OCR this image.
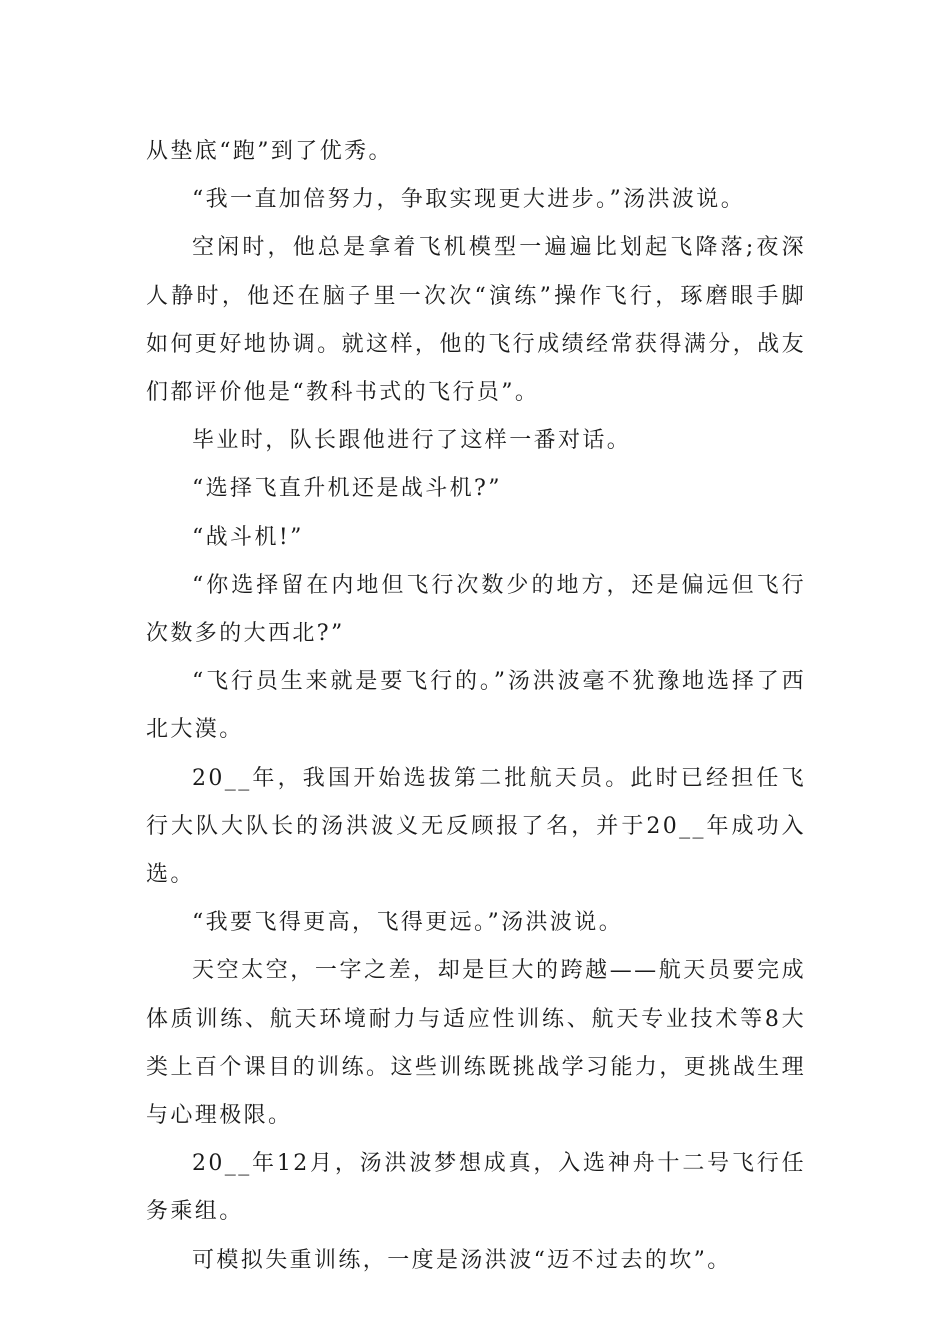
从垫底“跑”到了优秀。

“我一直加倍努力，争取实现更大进步。”汤洪波说。

空闲时，他总是拿着飞机模型一遍遍比划起飞降落;夜深人静时，他还在脑子里一次次“演练”操作飞行，琢磨眼手脚如何更好地协调。就这样，他的飞行成绩经常获得满分，战友们都评价他是“教科书式的飞行员”。

毕业时，队长跟他进行了这样一番对话。

“选择飞直升机还是战斗机?”

“战斗机!”

“你选择留在内地但飞行次数少的地方，还是偏远但飞行次数多的大西北?”

“飞行员生来就是要飞行的。”汤洪波毫不犹豫地选择了西北大漠。

20__年，我国开始选拔第二批航天员。此时已经担任飞行大队大队长的汤洪波义无反顾报了名，并于20__年成功入选。

“我要飞得更高，飞得更远。”汤洪波说。

天空太空，一字之差，却是巨大的跨越——航天员要完成体质训练、航天环境耐力与适应性训练、航天专业技术等8大类上百个课目的训练。这些训练既挑战学习能力，更挑战生理与心理极限。

20__年12月，汤洪波梦想成真，入选神舟十二号飞行任务乘组。

可模拟失重训练，一度是汤洪波“迈不过去的坎”。
